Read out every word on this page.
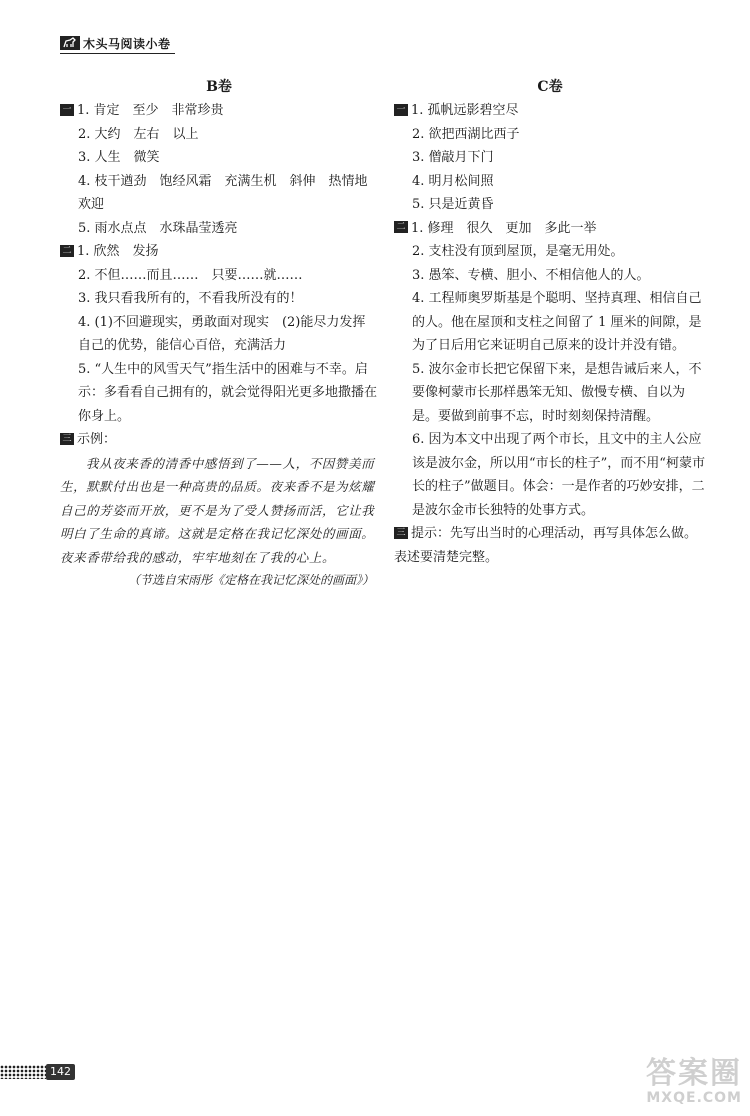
木头马阅读小卷
B卷
一 1. 肯定　至少　非常珍贵
2. 大约　左右　以上
3. 人生　微笑
4. 枝干遒劲　饱经风霜　充满生机　斜伸　热情地欢迎
5. 雨水点点　水珠晶莹透亮
二 1. 欣然　发扬
2. 不但……而且……　只要……就……
3. 我只看我所有的，不看我所没有的！
4. (1)不回避现实，勇敢面对现实　(2)能尽力发挥自己的优势，能信心百倍，充满活力
5. “人生中的风雪天气”指生活中的困难与不幸。启示：多看看自己拥有的，就会觉得阳光更多地撒播在你身上。
三 示例：
我从夜来香的清香中感悟到了——人，不因赞美而生，默默付出也是一种高贵的品质。夜来香不是为炫耀自己的芳姿而开放，更不是为了受人赞扬而活，它让我明白了生命的真谛。这就是定格在我记忆深处的画面。夜来香带给我的感动，牢牢地刻在了我的心上。
（节选自宋雨彤《定格在我记忆深处的画面》）
C卷
一 1. 孤帆远影碧空尽
2. 欲把西湖比西子
3. 僧敲月下门
4. 明月松间照
5. 只是近黄昏
二 1. 修理　很久　更加　多此一举
2. 支柱没有顶到屋顶，是毫无用处。
3. 愚笨、专横、胆小、不相信他人的人。
4. 工程师奥罗斯基是个聪明、坚持真理、相信自己的人。他在屋顶和支柱之间留了 1 厘米的间隙，是为了日后用它来证明自己原来的设计并没有错。
5. 波尔金市长把它保留下来，是想告诫后来人，不要像柯蒙市长那样愚笨无知、傲慢专横、自以为是。要做到前事不忘，时时刻刻保持清醒。
6. 因为本文中出现了两个市长，且文中的主人公应该是波尔金，所以用“市长的柱子”，而不用“柯蒙市长的柱子”做题目。体会：一是作者的巧妙安排，二是波尔金市长独特的处事方式。
三 提示：先写出当时的心理活动，再写具体怎么做。表述要清楚完整。
142	答案圈
MXQE.COM
